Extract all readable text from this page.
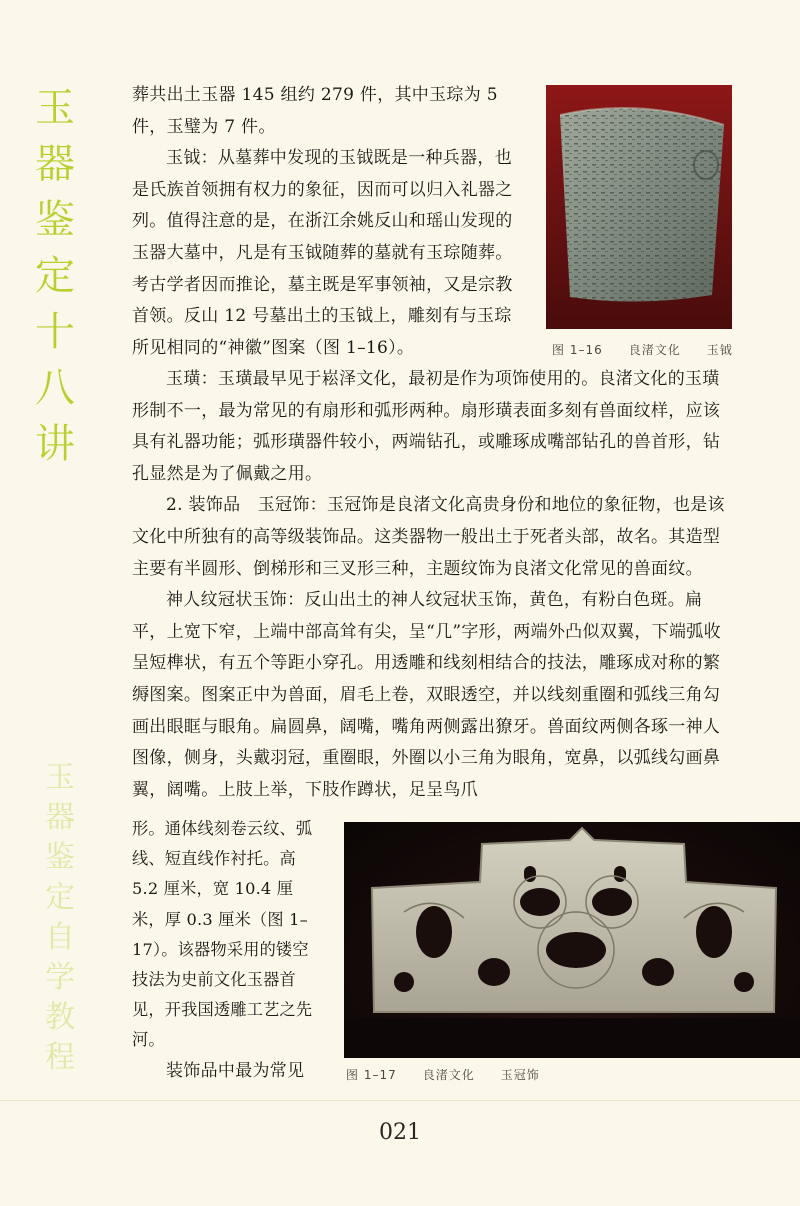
玉
器
鉴
定
十
八
讲
玉
器
鉴
定
自
学
教
程

葬共出土玉器 145 组约 279 件，其中玉琮为 5 件，玉璧为 7 件。

玉钺：从墓葬中发现的玉钺既是一种兵器，也是氏族首领拥有权力的象征，因而可以归入礼器之列。值得注意的是，在浙江余姚反山和瑶山发现的玉器大墓中，凡是有玉钺随葬的墓就有玉琮随葬。考古学者因而推论，墓主既是军事领袖，又是宗教首领。反山 12 号墓出土的玉钺上，雕刻有与玉琮所见相同的“神徽”图案（图 1–16）。	图 1–16　　良渚文化　　玉钺

玉璜：玉璜最早见于崧泽文化，最初是作为项饰使用的。良渚文化的玉璜形制不一，最为常见的有扇形和弧形两种。扇形璜表面多刻有兽面纹样，应该具有礼器功能；弧形璜器件较小，两端钻孔，或雕琢成嘴部钻孔的兽首形，钻孔显然是为了佩戴之用。

2. 装饰品　玉冠饰：玉冠饰是良渚文化高贵身份和地位的象征物，也是该文化中所独有的高等级装饰品。这类器物一般出土于死者头部，故名。其造型主要有半圆形、倒梯形和三叉形三种，主题纹饰为良渚文化常见的兽面纹。

神人纹冠状玉饰：反山出土的神人纹冠状玉饰，黄色，有粉白色斑。扁平，上宽下窄，上端中部高耸有尖，呈“几”字形，两端外凸似双翼，下端弧收呈短榫状，有五个等距小穿孔。用透雕和线刻相结合的技法，雕琢成对称的繁缛图案。图案正中为兽面，眉毛上卷，双眼透空，并以线刻重圈和弧线三角勾画出眼眶与眼角。扁圆鼻，阔嘴，嘴角两侧露出獠牙。兽面纹两侧各琢一神人图像，侧身，头戴羽冠，重圈眼，外圈以小三角为眼角，宽鼻，以弧线勾画鼻翼，阔嘴。上肢上举，下肢作蹲状，足呈鸟爪

形。通体线刻卷云纹、弧线、短直线作衬托。高 5.2 厘米，宽 10.4 厘米，厚 0.3 厘米（图 1–17）。该器物采用的镂空技法为史前文化玉器首见，开我国透雕工艺之先河。

装饰品中最为常见	图 1–17　　良渚文化　　玉冠饰
021
